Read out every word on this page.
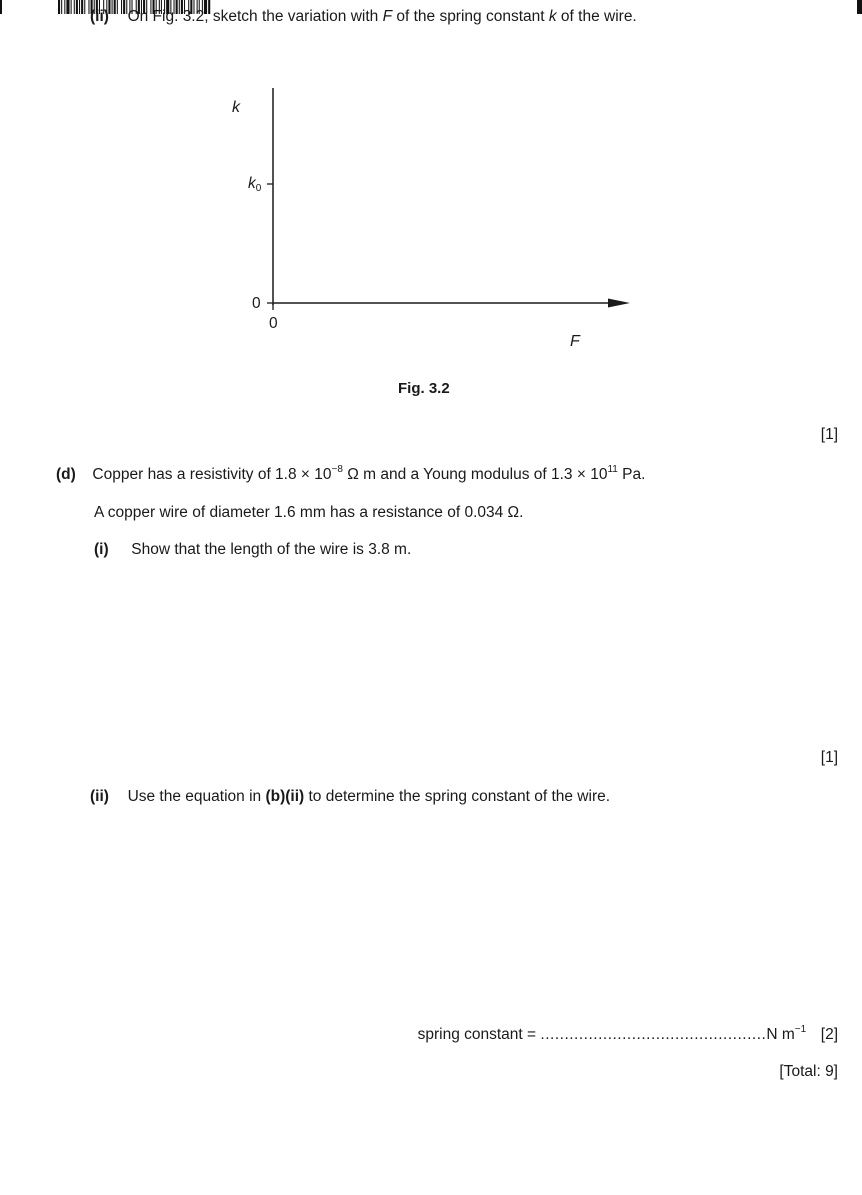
(ii) On Fig. 3.2, sketch the variation with F of the spring constant k of the wire.
k
$k_0$
0
0
F
Fig. 3.2
[1]
(d) Copper has a resistivity of $1.8 \times 10^{-8}$ Ω m and a Young modulus of $1.3 \times 10^{11}$ Pa.
A copper wire of diameter 1.6 mm has a resistance of 0.034 Ω.
(i) Show that the length of the wire is 3.8 m.
[1]
(ii) Use the equation in (b)(ii) to determine the spring constant of the wire.
spring constant = ...............................................N $m^{-1}$ [2]
[Total: 9]
